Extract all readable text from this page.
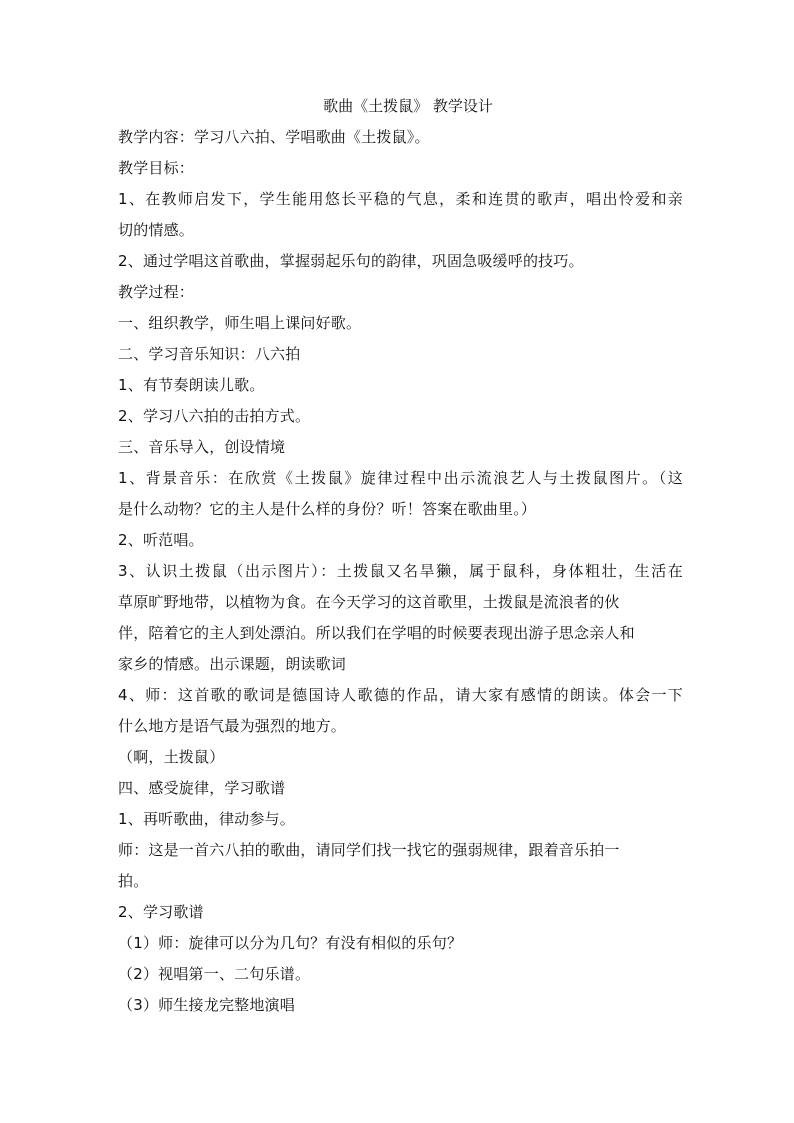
歌曲《土拨鼠》 教学设计
教学内容：学习八六拍、学唱歌曲《土拨鼠》。
教学目标：
1、在教师启发下，学生能用悠长平稳的气息，柔和连贯的歌声，唱出怜爱和亲
切的情感。
2、通过学唱这首歌曲，掌握弱起乐句的韵律，巩固急吸缓呼的技巧。
教学过程：
一、组织教学，师生唱上课问好歌。
二、学习音乐知识：八六拍
1、有节奏朗读儿歌。
2、学习八六拍的击拍方式。
三、音乐导入，创设情境
1、背景音乐：在欣赏《土拨鼠》旋律过程中出示流浪艺人与土拨鼠图片。（这
是什么动物？它的主人是什么样的身份？听！答案在歌曲里。）
2、听范唱。
3、认识土拨鼠（出示图片）：土拨鼠又名旱獭，属于鼠科，身体粗壮，生活在
草原旷野地带，以植物为食。在今天学习的这首歌里，土拨鼠是流浪者的伙
伴，陪着它的主人到处漂泊。所以我们在学唱的时候要表现出游子思念亲人和
家乡的情感。出示课题，朗读歌词
4、师：这首歌的歌词是德国诗人歌德的作品，请大家有感情的朗读。体会一下
什么地方是语气最为强烈的地方。
（啊，土拨鼠）
四、感受旋律，学习歌谱
1、再听歌曲，律动参与。
师：这是一首六八拍的歌曲，请同学们找一找它的强弱规律，跟着音乐拍一
拍。
2、学习歌谱
（1）师：旋律可以分为几句？有没有相似的乐句？
（2）视唱第一、二句乐谱。
（3）师生接龙完整地演唱
